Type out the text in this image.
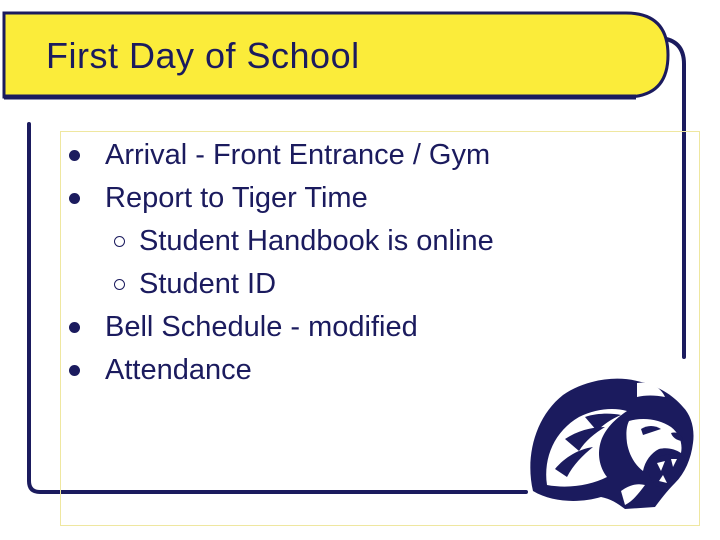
First Day of School
Arrival - Front Entrance / Gym
Report to Tiger Time
Student Handbook is online
Student ID
Bell Schedule - modified
Attendance
